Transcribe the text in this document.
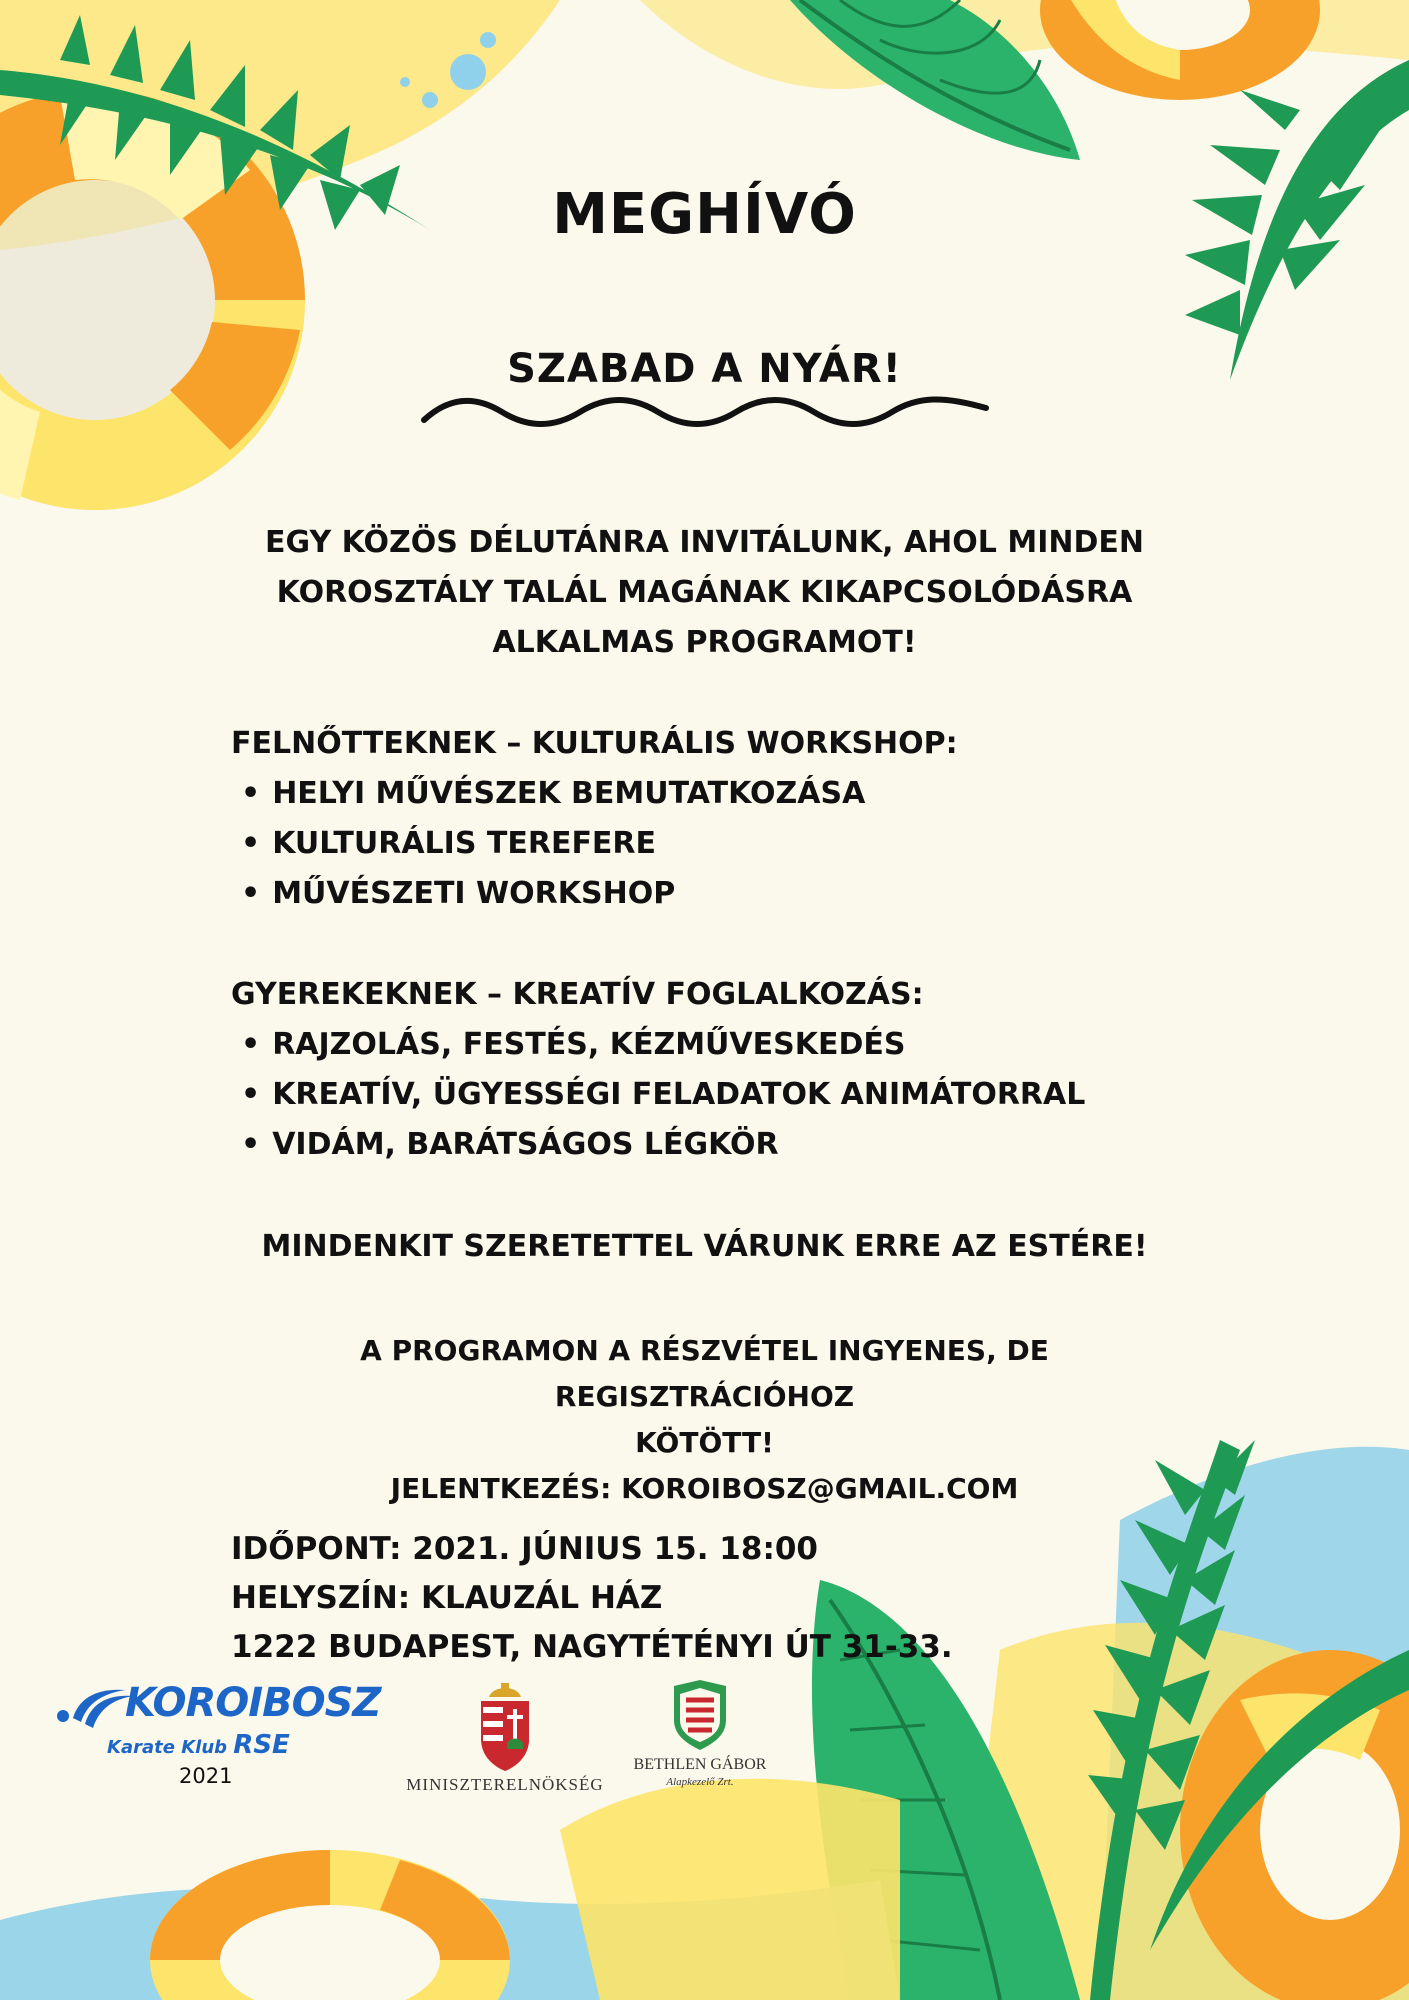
MEGHÍVÓ
SZABAD A NYÁR!
EGY KÖZÖS DÉLUTÁNRA INVITÁLUNK, AHOL MINDEN KOROSZTÁLY TALÁL MAGÁNAK KIKAPCSOLÓDÁSRA ALKALMAS PROGRAMOT!
FELNŐTTEKNEK – KULTURÁLIS WORKSHOP:
• HELYI MŰVÉSZEK BEMUTATKOZÁSA
• KULTURÁLIS TEREFERE
• MŰVÉSZETI WORKSHOP
GYEREKEKNEK – KREATÍV FOGLALKOZÁS:
• RAJZOLÁS, FESTÉS, KÉZMŰVESKEDÉS
• KREATÍV, ÜGYESSÉGI FELADATOK ANIMÁTORRAL
• VIDÁM, BARÁTSÁGOS LÉGKÖR
MINDENKIT SZERETETTEL VÁRUNK ERRE AZ ESTÉRE!
A PROGRAMON A RÉSZVÉTEL INGYENES, DE REGISZTRÁCIÓHOZ
KÖTÖTT!
JELENTKEZÉS: KOROIBOSZ@GMAIL.COM
IDŐPONT: 2021. JÚNIUS 15. 18:00
HELYSZÍN: KLAUZÁL HÁZ
1222 BUDAPEST, NAGYTÉTÉNYI ÚT 31-33.
KOROIBOSZ
Karate Klub RSE
2021	MINISZTERELNÖKSÉG
BETHLEN GÁBOR
Alapkezelő Zrt.
